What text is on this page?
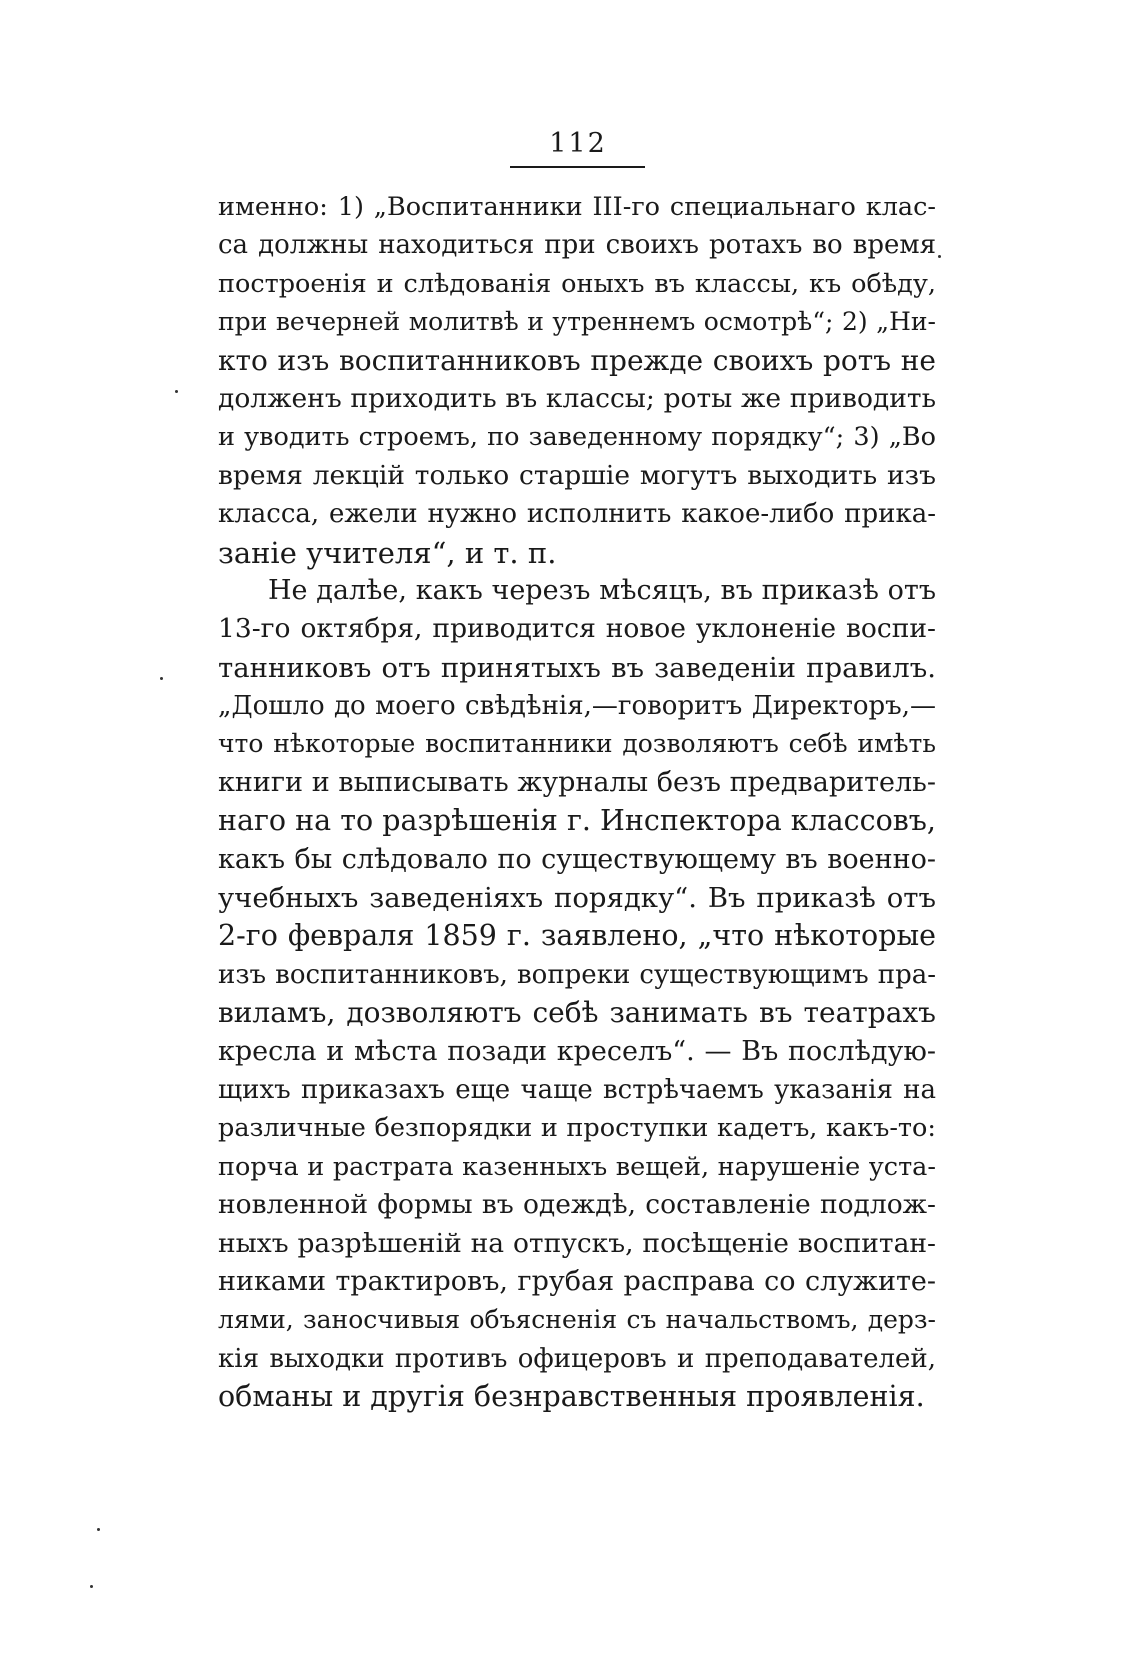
112
именно: 1) „Воспитанники III-го специальнаго клас-
са должны находиться при своихъ ротахъ во время
построенія и слѣдованія оныхъ въ классы, къ обѣду,
при вечерней молитвѣ и утреннемъ осмотрѣ“; 2) „Ни-
кто изъ воспитанниковъ прежде своихъ ротъ не
долженъ приходить въ классы; роты же приводить
и уводить строемъ, по заведенному порядку“; 3) „Во
время лекцій только старшіе могутъ выходить изъ
класса, ежели нужно исполнить какое-либо прика-
заніе учителя“, и т. п.
Не далѣе, какъ черезъ мѣсяцъ, въ приказѣ отъ
13-го октября, приводится новое уклоненіе воспи-
танниковъ отъ принятыхъ въ заведеніи правилъ.
„Дошло до моего свѣдѣнія,—говоритъ Директоръ,—
что нѣкоторые воспитанники дозволяютъ себѣ имѣть
книги и выписывать журналы безъ предваритель-
наго на то разрѣшенія г. Инспектора классовъ,
какъ бы слѣдовало по существующему въ военно-
учебныхъ заведеніяхъ порядку“. Въ приказѣ отъ
2-го февраля 1859 г. заявлено, „что нѣкоторые
изъ воспитанниковъ, вопреки существующимъ пра-
виламъ, дозволяютъ себѣ занимать въ театрахъ
кресла и мѣста позади креселъ“. — Въ послѣдую-
щихъ приказахъ еще чаще встрѣчаемъ указанія на
различные безпорядки и проступки кадетъ, какъ-то:
порча и растрата казенныхъ вещей, нарушеніе уста-
новленной формы въ одеждѣ, составленіе подлож-
ныхъ разрѣшеній на отпускъ, посѣщеніе воспитан-
никами трактировъ, грубая расправа со служите-
лями, заносчивыя объясненія съ начальствомъ, дерз-
кія выходки противъ офицеровъ и преподавателей,
обманы и другія безнравственныя проявленія.
